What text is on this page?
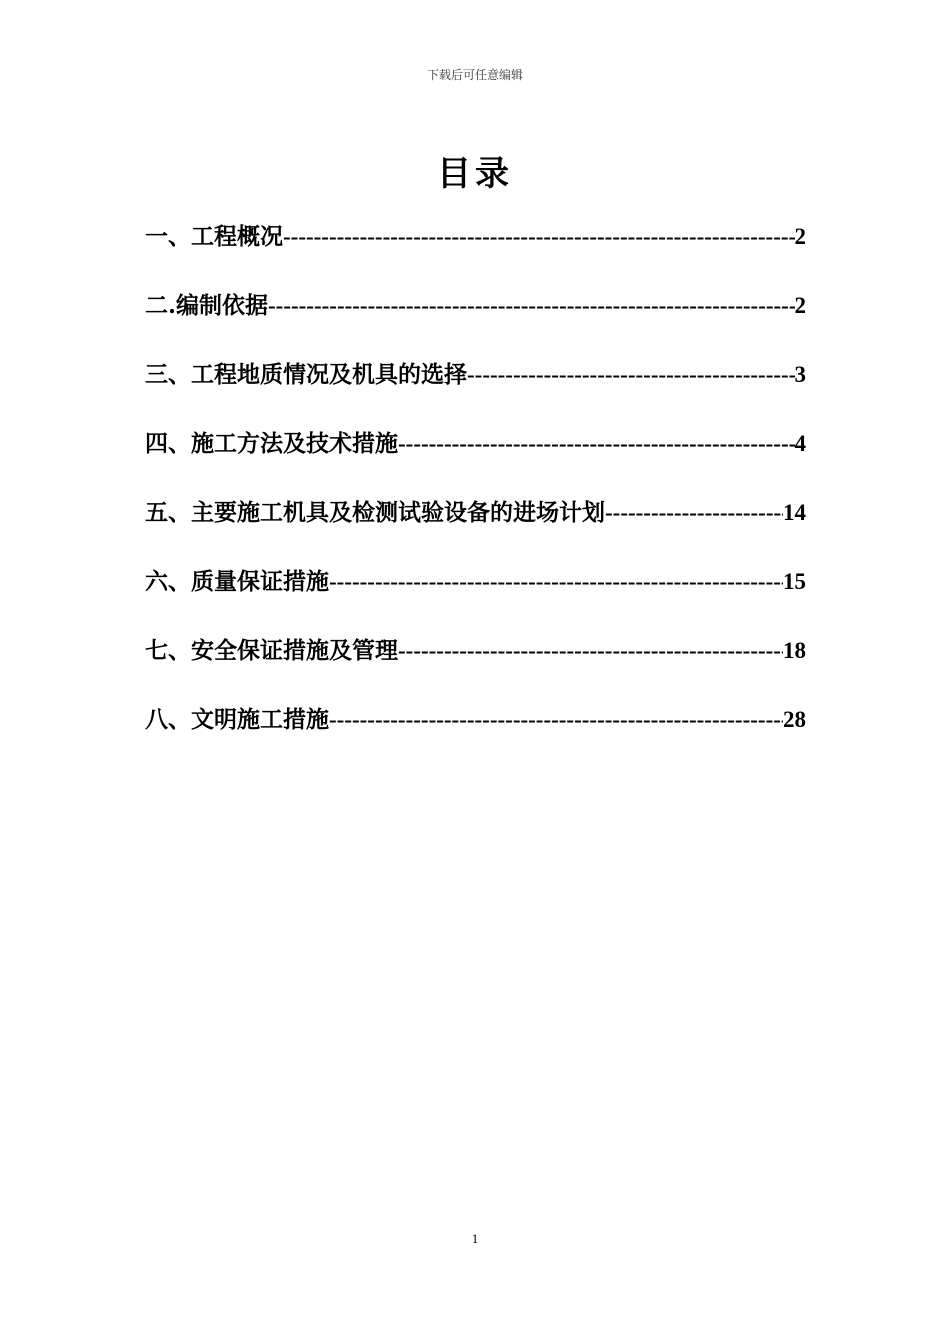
下载后可任意编辑
目录
一、工程概况 -----	2
二.编制依据 -----	2
三、工程地质情况及机具的选择 -----	3
四、施工方法及技术措施 -----	4
五、主要施工机具及检测试验设备的进场计划 -----	14
六、质量保证措施 -----	15
七、安全保证措施及管理 -----	18
八、文明施工措施 -----	28
1
